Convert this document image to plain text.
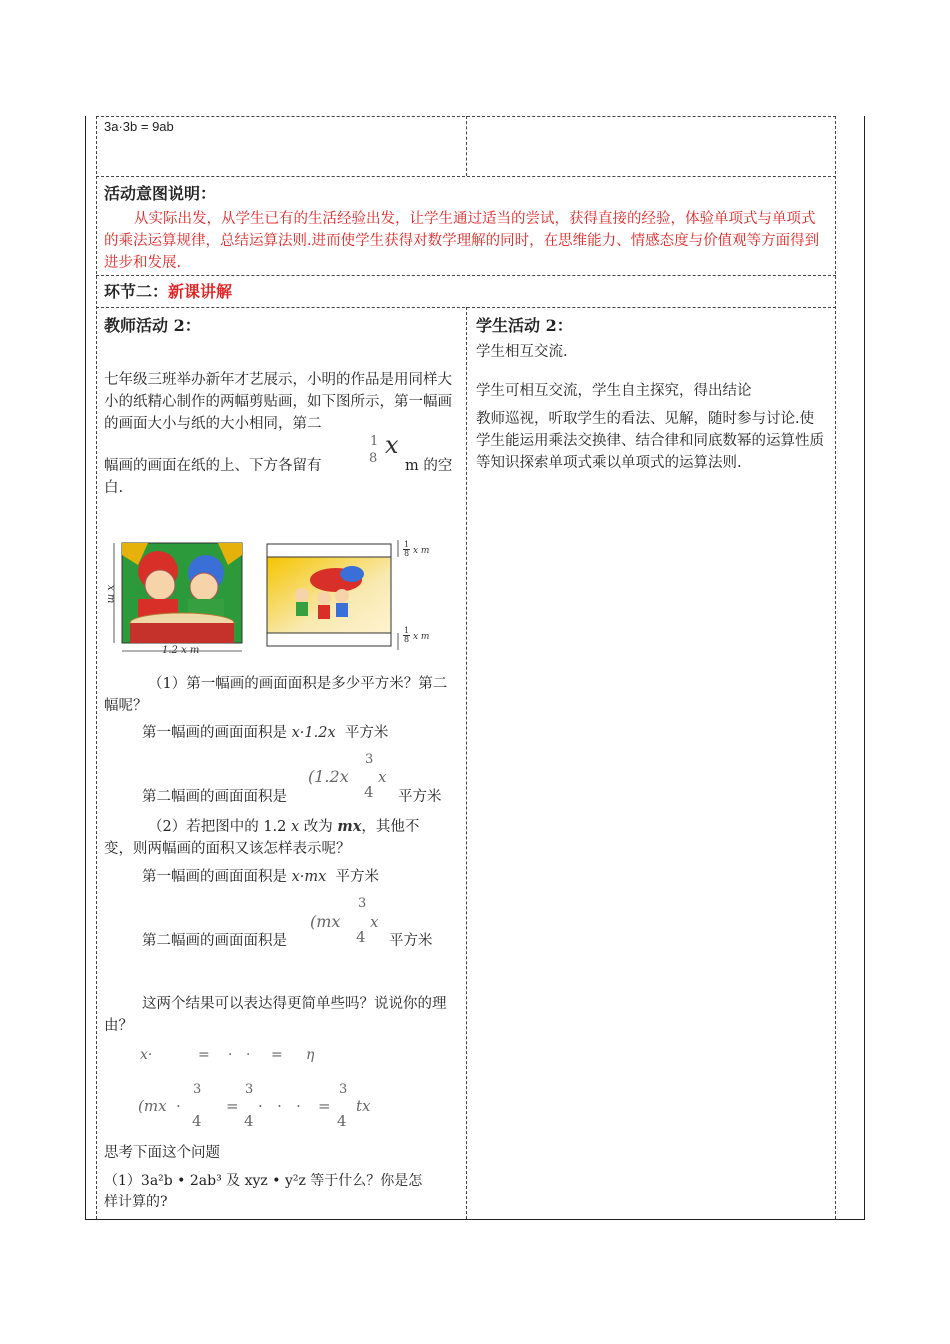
3a·3b = 9ab
活动意图说明：
从实际出发，从学生已有的生活经验出发，让学生通过适当的尝试，获得直接的经验，体验单项式与单项式的乘法运算规律，总结运算法则.进而使学生获得对数学理解的同时，在思维能力、情感态度与价值观等方面得到进步和发展.
环节二：新课讲解
教师活动 2：
七年级三班举办新年才艺展示，小明的作品是用同样大小的纸精心制作的两幅剪贴画，如下图所示，第一幅画的画面大小与纸的大小相同，第二
幅画的画面在纸的上、下方各留有
1
8 x
m 的空
白.
x m
1.2 x m
1
8 x m
1
8 x m
（1）第一幅画的画面面积是多少平方米？第二幅呢？
第一幅画的画面面积是 x·1.2x 平方米
(1.2x
3
4
x
第二幅画的画面面积是	平方米
（2）若把图中的 1.2 x 改为 mx，其他不
变，则两幅画的面积又该怎样表示呢？
第一幅画的画面面积是 x·mx 平方米
(mx
3
4
x
第二幅画的画面面积是	平方米
这两个结果可以表达得更简单些吗？说说你的理由？
x·	= · · = η
(mx ·
3
4
=
3
4
·   ·   · =
3
4
tx
思考下面这个问题
（1）3a²b • 2ab³ 及 xyz • y²z 等于什么？你是怎
样计算的?
学生活动 2：
学生相互交流.
学生可相互交流，学生自主探究，得出结论
教师巡视，听取学生的看法、见解，随时参与讨论.使学生能运用乘法交换律、结合律和同底数幂的运算性质等知识探索单项式乘以单项式的运算法则.
